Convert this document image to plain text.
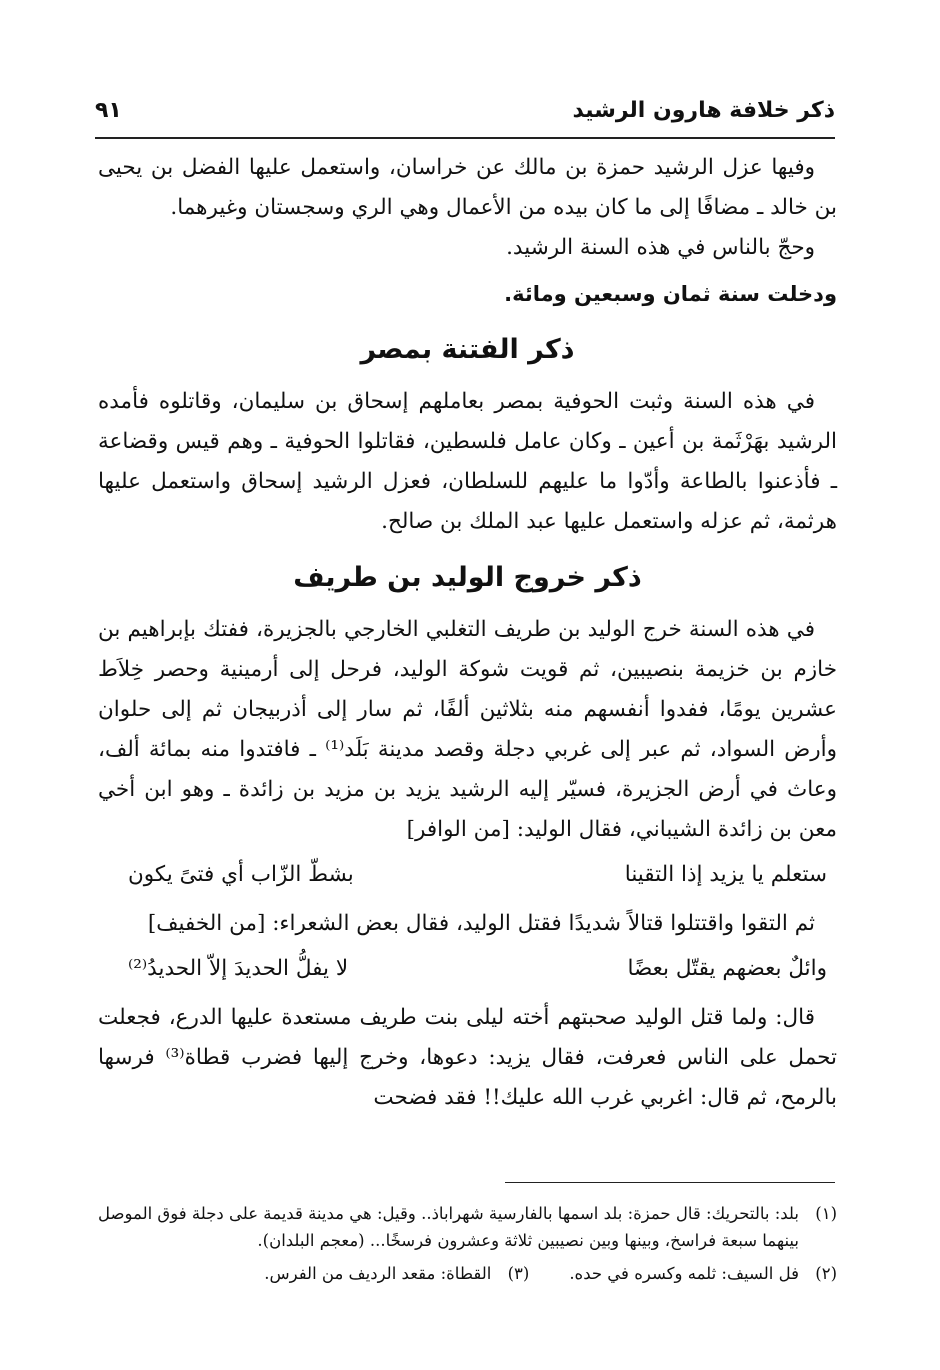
ذكر خلافة هارون الرشيد
٩١

وفيها عزل الرشيد حمزة بن مالك عن خراسان، واستعمل عليها الفضل بن يحيى بن خالد ـ مضافًا إلى ما كان بيده من الأعمال وهي الري وسجستان وغيرهما.

وحجّ بالناس في هذه السنة الرشيد.

ودخلت سنة ثمان وسبعين ومائة.

ذكر الفتنة بمصر

في هذه السنة وثبت الحوفية بمصر بعاملهم إسحاق بن سليمان، وقاتلوه فأمده الرشيد بهَرْثَمة بن أعين ـ وكان عامل فلسطين، فقاتلوا الحوفية ـ وهم قيس وقضاعة ـ فأذعنوا بالطاعة وأدّوا ما عليهم للسلطان، فعزل الرشيد إسحاق واستعمل عليها هرثمة، ثم عزله واستعمل عليها عبد الملك بن صالح.

ذكر خروج الوليد بن طريف

في هذه السنة خرج الوليد بن طريف التغلبي الخارجي بالجزيرة، ففتك بإبراهيم بن خازم بن خزيمة بنصيبين، ثم قويت شوكة الوليد، فرحل إلى أرمينية وحصر خِلاَط عشرين يومًا، ففدوا أنفسهم منه بثلاثين ألفًا، ثم سار إلى أذربيجان ثم إلى حلوان وأرض السواد، ثم عبر إلى غربي دجلة وقصد مدينة بَلَد⁽¹⁾ ـ فافتدوا منه بمائة ألف، وعاث في أرض الجزيرة، فسيّر إليه الرشيد يزيد بن مزيد بن زائدة ـ وهو ابن أخي معن بن زائدة الشيباني، فقال الوليد: [من الوافر]

ستعلم يا يزيد إذا التقينا
بشطّ الزّاب أي فتىً يكون

ثم التقوا واقتتلوا قتالاً شديدًا فقتل الوليد، فقال بعض الشعراء: [من الخفيف]

وائلٌ بعضهم يقتّل بعضًا
لا يفلُّ الحديدَ إلاّ الحديدُ⁽²⁾

قال: ولما قتل الوليد صحبتهم أخته ليلى بنت طريف مستعدة عليها الدرع، فجعلت تحمل على الناس فعرفت، فقال يزيد: دعوها، وخرج إليها فضرب قطاة⁽³⁾ فرسها بالرمح، ثم قال: اغربي غرب الله عليك!! فقد فضحت

(١)
بلد: بالتحريك: قال حمزة: بلد اسمها بالفارسية شهراباذ.. وقيل: هي مدينة قديمة على دجلة فوق الموصل بينهما سبعة فراسخ، وبينها وبين نصيبين ثلاثة وعشرون فرسخًا... (معجم البلدان).
(٢)
فل السيف: ثلمه وكسره في حده.
(٣)
القطاة: مقعد الرديف من الفرس.
